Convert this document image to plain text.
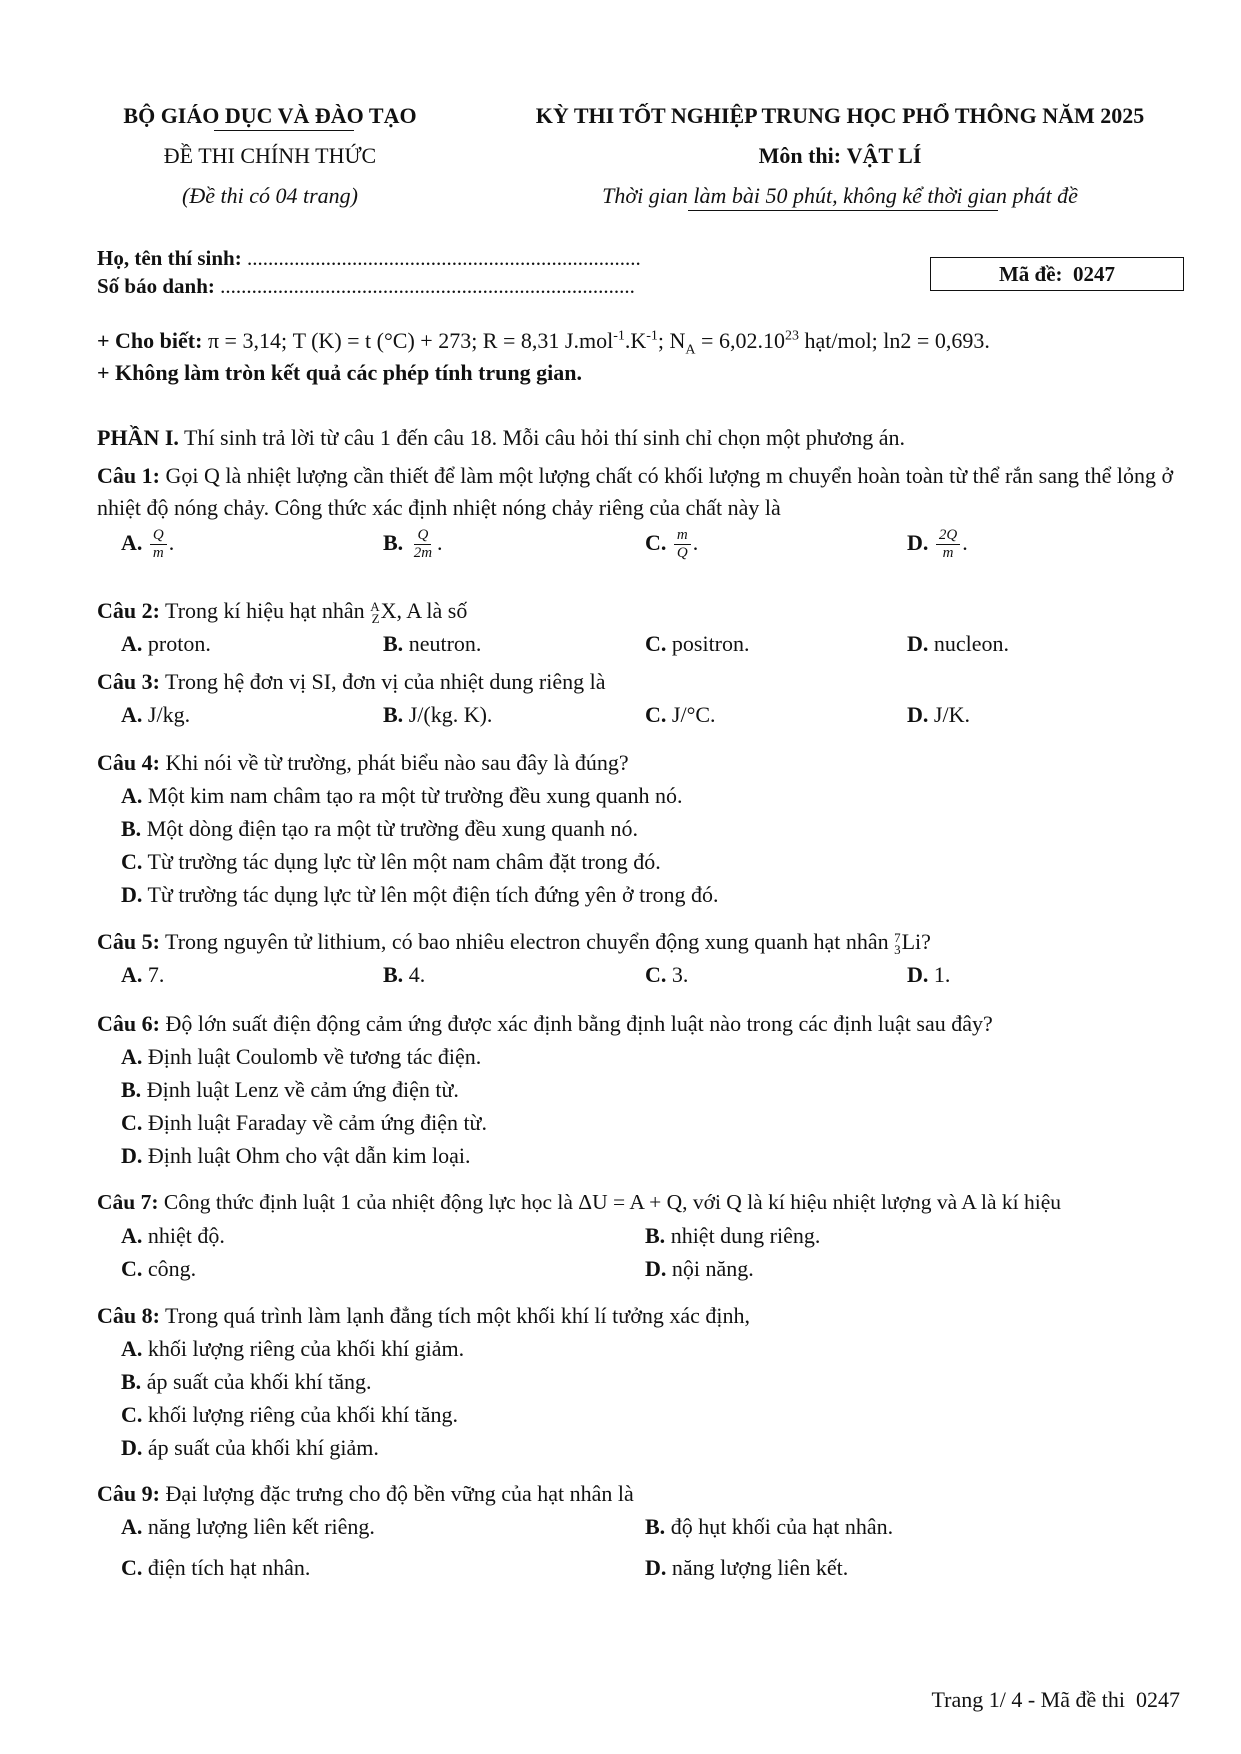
BỘ GIÁO DỤC VÀ ĐÀO TẠO
ĐỀ THI CHÍNH THỨC
(Đề thi có 04 trang)
KỲ THI TỐT NGHIỆP TRUNG HỌC PHỔ THÔNG NĂM 2025
Môn thi: VẬT LÍ
Thời gian làm bài 50 phút, không kể thời gian phát đề
Họ, tên thí sinh: ...........................................................................
Số báo danh: ...............................................................................	Mã đề: 0247
+ Cho biết: π = 3,14; T (K) = t (°C) + 273; R = 8,31 $J.mol^{-1}.K^{-1}$; $N_A = 6,02.10^{23}$ hạt/mol; ln2 = 0,693.
+ Không làm tròn kết quả các phép tính trung gian.
PHẦN I. Thí sinh trả lời từ câu 1 đến câu 18. Mỗi câu hỏi thí sinh chỉ chọn một phương án.
Câu 1: Gọi Q là nhiệt lượng cần thiết để làm một lượng chất có khối lượng m chuyển hoàn toàn từ thể rắn sang thể lỏng ở nhiệt độ nóng chảy. Công thức xác định nhiệt nóng chảy riêng của chất này là
A. $\frac{Q}{m}$ .	B. $\frac{Q}{2m}$ .	C. $\frac{m}{Q}$ .	D. $\frac{2Q}{m}$ .
Câu 2: Trong kí hiệu hạt nhân A
Z X, A là số
A. proton.	B. neutron.	C. positron.	D. nucleon.
Câu 3: Trong hệ đơn vị SI, đơn vị của nhiệt dung riêng là
A. J/kg.	B. J/(kg. K).	C. J/°C.	D. J/K.
Câu 4: Khi nói về từ trường, phát biểu nào sau đây là đúng?
A. Một kim nam châm tạo ra một từ trường đều xung quanh nó.
B. Một dòng điện tạo ra một từ trường đều xung quanh nó.
C. Từ trường tác dụng lực từ lên một nam châm đặt trong đó.
D. Từ trường tác dụng lực từ lên một điện tích đứng yên ở trong đó.
Câu 5: Trong nguyên tử lithium, có bao nhiêu electron chuyển động xung quanh hạt nhân 7
3 Li?
A. 7.	B. 4.	C. 3.	D. 1.
Câu 6: Độ lớn suất điện động cảm ứng được xác định bằng định luật nào trong các định luật sau đây?
A. Định luật Coulomb về tương tác điện.
B. Định luật Lenz về cảm ứng điện từ.
C. Định luật Faraday về cảm ứng điện từ.
D. Định luật Ohm cho vật dẫn kim loại.
Câu 7: Công thức định luật 1 của nhiệt động lực học là ΔU = A + Q, với Q là kí hiệu nhiệt lượng và A là kí hiệu
A. nhiệt độ.	B. nhiệt dung riêng.
C. công.	D. nội năng.
Câu 8: Trong quá trình làm lạnh đẳng tích một khối khí lí tưởng xác định,
A. khối lượng riêng của khối khí giảm.
B. áp suất của khối khí tăng.
C. khối lượng riêng của khối khí tăng.
D. áp suất của khối khí giảm.
Câu 9: Đại lượng đặc trưng cho độ bền vững của hạt nhân là
A. năng lượng liên kết riêng.	B. độ hụt khối của hạt nhân.
C. điện tích hạt nhân.	D. năng lượng liên kết.
Trang 1/ 4 - Mã đề thi  0247
